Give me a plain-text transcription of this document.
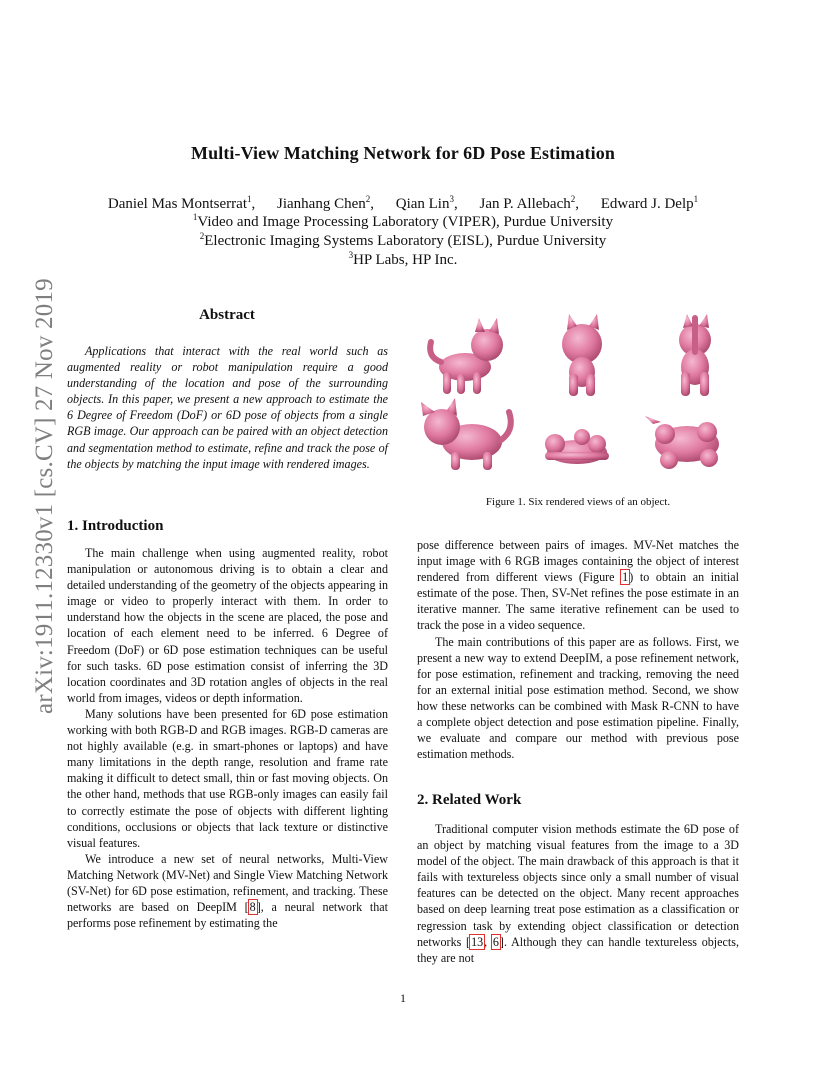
arXiv:1911.12330v1 [cs.CV] 27 Nov 2019
Multi-View Matching Network for 6D Pose Estimation
Daniel Mas Montserrat$^1$, Jianhang Chen$^2$, Qian Lin$^3$, Jan P. Allebach$^2$, Edward J. Delp$^1$
$^1$Video and Image Processing Laboratory (VIPER), Purdue University
$^2$Electronic Imaging Systems Laboratory (EISL), Purdue University
$^3$HP Labs, HP Inc.
Abstract

Applications that interact with the real world such as augmented reality or robot manipulation require a good understanding of the location and pose of the surrounding objects. In this paper, we present a new approach to estimate the 6 Degree of Freedom (DoF) or 6D pose of objects from a single RGB image. Our approach can be paired with an object detection and segmentation method to estimate, refine and track the pose of the objects by matching the input image with rendered images.

1. Introduction

The main challenge when using augmented reality, robot manipulation or autonomous driving is to obtain a clear and detailed understanding of the geometry of the objects appearing in image or video to properly interact with them. In order to understand how the objects in the scene are placed, the pose and location of each element need to be inferred. 6 Degree of Freedom (DoF) or 6D pose estimation techniques can be useful for such tasks. 6D pose estimation consist of inferring the 3D location coordinates and 3D rotation angles of objects in the real world from images, videos or depth information.

Many solutions have been presented for 6D pose estimation working with both RGB-D and RGB images. RGB-D cameras are not highly available (e.g. in smart-phones or laptops) and have many limitations in the depth range, resolution and frame rate making it difficult to detect small, thin or fast moving objects. On the other hand, methods that use RGB-only images can easily fail to correctly estimate the pose of objects with different lighting conditions, occlusions or objects that lack texture or distinctive visual features.

We introduce a new set of neural networks, Multi-View Matching Network (MV-Net) and Single View Matching Network (SV-Net) for 6D pose estimation, refinement, and tracking. These networks are based on DeepIM [8], a neural network that performs pose refinement by estimating the

Figure 1. Six rendered views of an object.

pose difference between pairs of images. MV-Net matches the input image with 6 RGB images containing the object of interest rendered from different views (Figure 1) to obtain an initial estimate of the pose. Then, SV-Net refines the pose estimate in an iterative manner. The same iterative refinement can be used to track the pose in a video sequence.

The main contributions of this paper are as follows. First, we present a new way to extend DeepIM, a pose refinement network, for pose estimation, refinement and tracking, removing the need for an external initial pose estimation method. Second, we show how these networks can be combined with Mask R-CNN to have a complete object detection and pose estimation pipeline. Finally, we evaluate and compare our method with previous pose estimation methods.

2. Related Work

Traditional computer vision methods estimate the 6D pose of an object by matching visual features from the image to a 3D model of the object. The main drawback of this approach is that it fails with textureless objects since only a small number of visual features can be detected on the object. Many recent approaches based on deep learning treat pose estimation as a classification or regression task by extending object classification or detection networks [13, 6]. Although they can handle textureless objects, they are not

1
